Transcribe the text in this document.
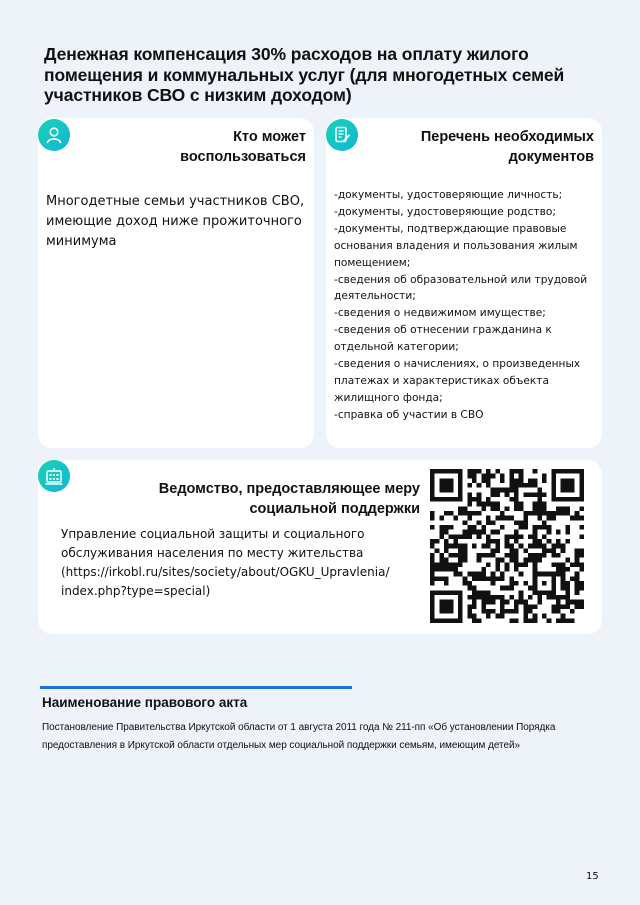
Денежная компенсация 30% расходов на оплату жилого помещения и коммунальных услуг (для многодетных семей участников СВО с низким доходом)
Кто может
воспользоваться
Многодетные семьи участников СВО, имеющие доход ниже прожиточного минимума
Перечень необходимых
документов
-документы, удостоверяющие личность;
-документы, удостоверяющие родство;
-документы, подтверждающие правовые основания владения и пользования жилым помещением;
-сведения об образовательной или трудовой деятельности;
-сведения о недвижимом имуществе;
-сведения об отнесении гражданина к отдельной категории;
-сведения о начислениях, о произведенных платежах и характеристиках объекта жилищного фонда;
-справка об участии в СВО
Ведомство, предоставляющее меру
социальной поддержки
Управление социальной защиты и социального
обслуживания населения по месту жительства
(https://irkobl.ru/sites/society/about/OGKU_Upravlenia/
index.php?type=special)
Наименование правового акта
Постановление Правительства Иркутской области от 1 августа 2011 года № 211-пп «Об установлении Порядка
предоставления в Иркутской области отдельных мер социальной поддержки семьям, имеющим детей»
15
